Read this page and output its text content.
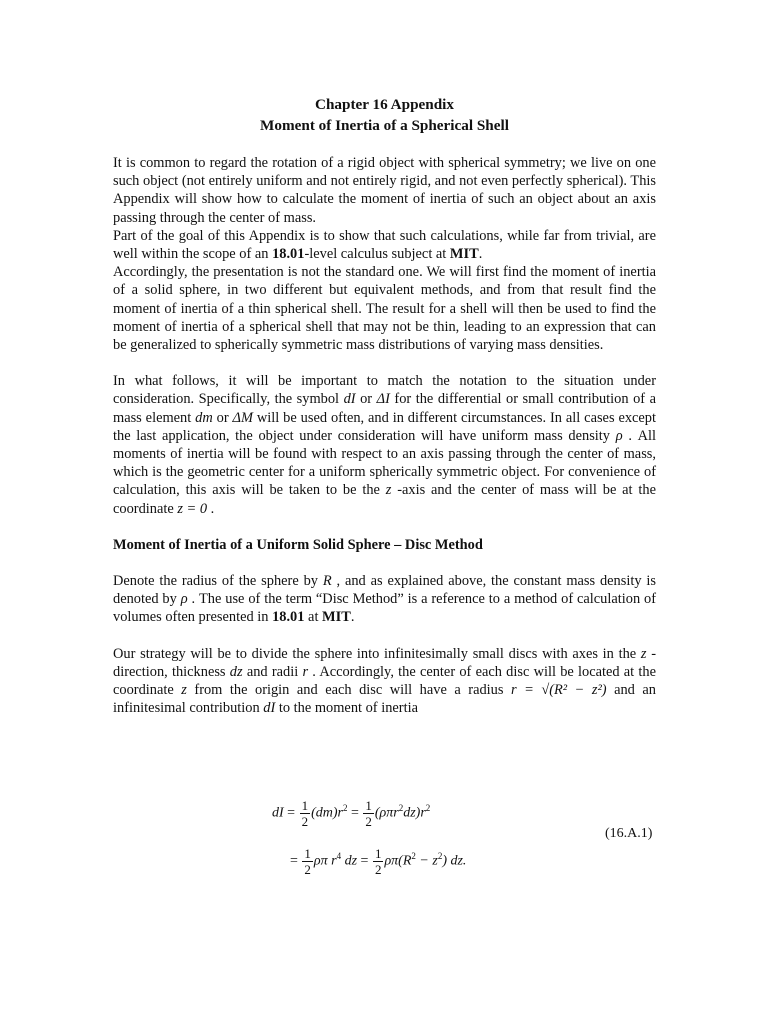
Chapter 16 Appendix

Moment of Inertia of a Spherical Shell

It is common to regard the rotation of a rigid object with spherical symmetry; we live on one such object (not entirely uniform and not entirely rigid, and not even perfectly spherical). This Appendix will show how to calculate the moment of inertia of such an object about an axis passing through the center of mass.

Part of the goal of this Appendix is to show that such calculations, while far from trivial, are well within the scope of an 18.01-level calculus subject at MIT.

Accordingly, the presentation is not the standard one. We will first find the moment of inertia of a solid sphere, in two different but equivalent methods, and from that result find the moment of inertia of a thin spherical shell. The result for a shell will then be used to find the moment of inertia of a spherical shell that may not be thin, leading to an expression that can be generalized to spherically symmetric mass distributions of varying mass densities.

In what follows, it will be important to match the notation to the situation under consideration. Specifically, the symbol dI or ΔI for the differential or small contribution of a mass element dm or ΔM will be used often, and in different circumstances. In all cases except the last application, the object under consideration will have uniform mass density ρ . All moments of inertia will be found with respect to an axis passing through the center of mass, which is the geometric center for a uniform spherically symmetric object. For convenience of calculation, this axis will be taken to be the z -axis and the center of mass will be at the coordinate z = 0 .

Moment of Inertia of a Uniform Solid Sphere – Disc Method

Denote the radius of the sphere by R , and as explained above, the constant mass density is denoted by ρ . The use of the term “Disc Method” is a reference to a method of calculation of volumes often presented in 18.01 at MIT.

Our strategy will be to divide the sphere into infinitesimally small discs with axes in the z -direction, thickness dz and radii r . Accordingly, the center of each disc will be located at the coordinate z from the origin and each disc will have a radius r = √(R² − z²) and an infinitesimal contribution dI to the moment of inertia

dI = $\frac{1}{2} (dm)r^2 = \frac{1}{2} (\rho\pi r^2dz)r^2$
= $\frac{1}{2}$ ρπ $r^4$ dz = $\frac{1}{2} \rho\pi(R^2 - z^2)$ dz.
(16.A.1)
